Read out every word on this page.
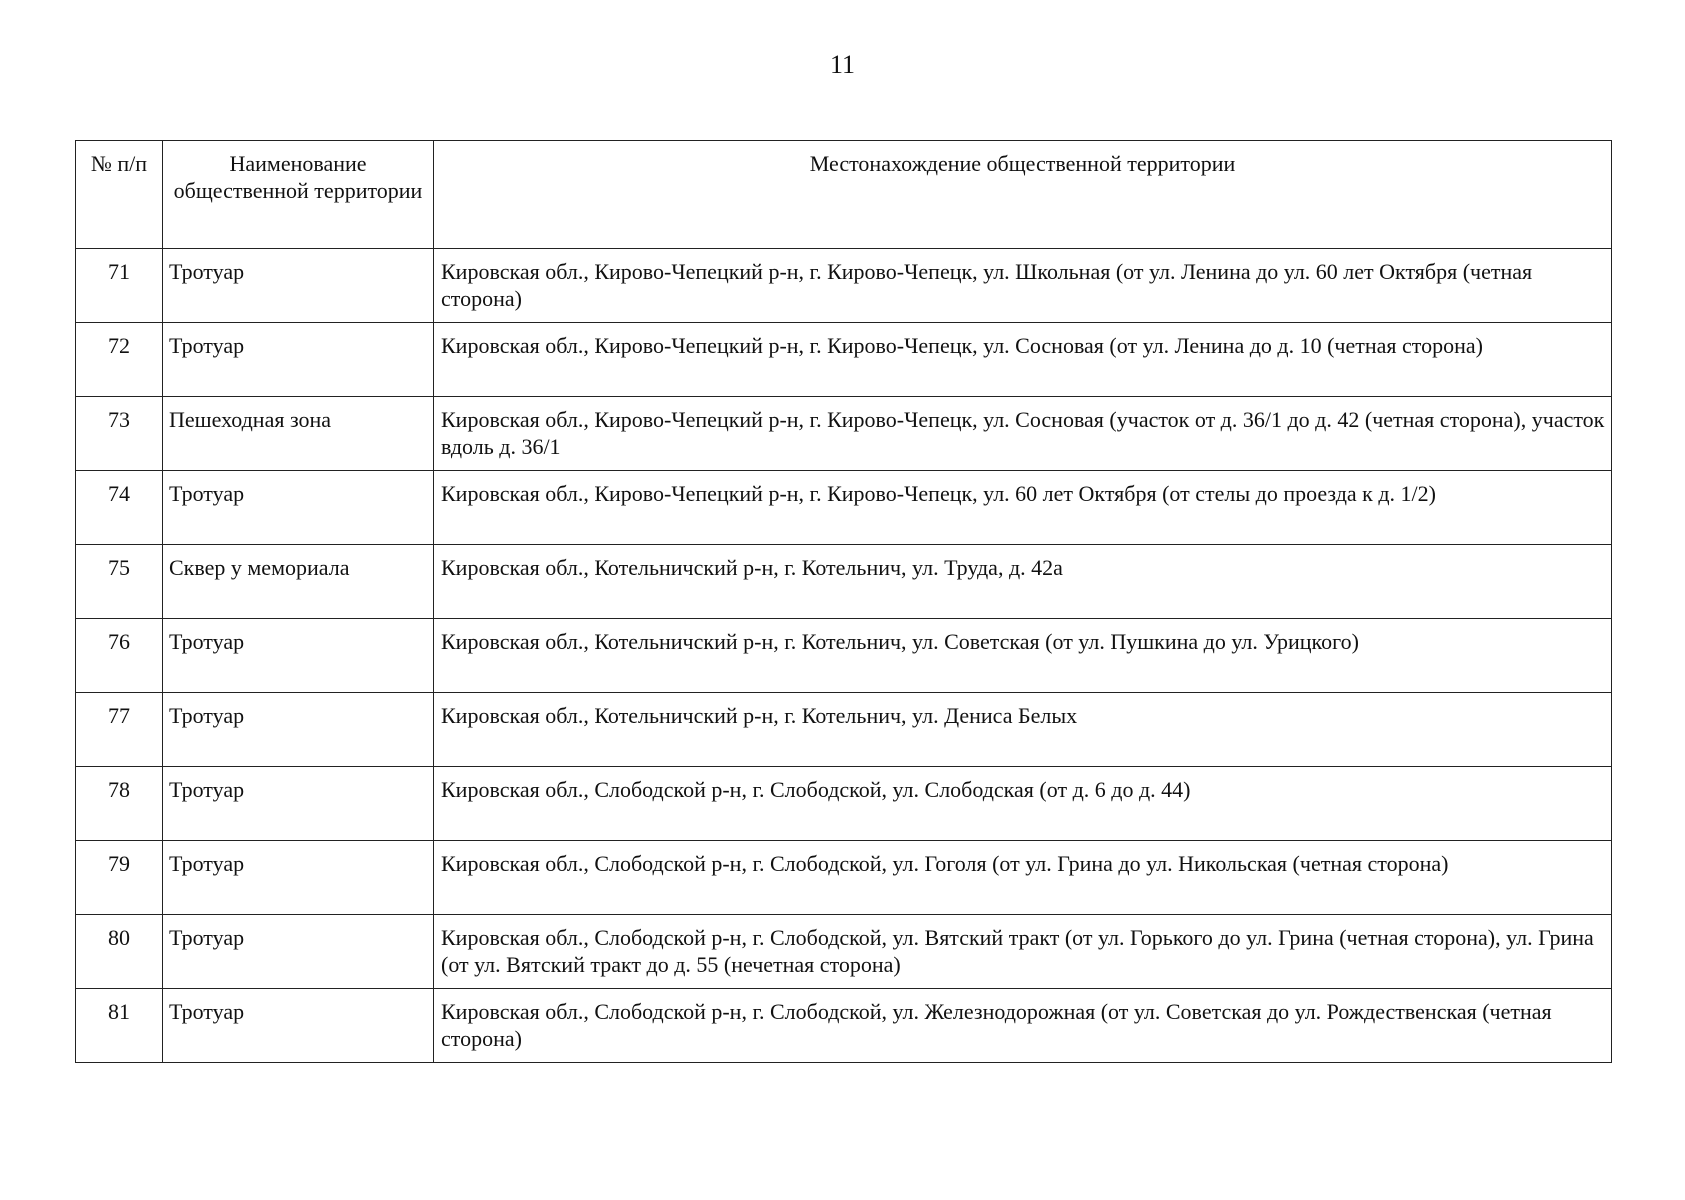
11
№ п/п	Наименование общественной территории	Местонахождение общественной территории
71	Тротуар	Кировская обл., Кирово-Чепецкий р-н, г. Кирово-Чепецк, ул. Школьная (от ул. Ленина до ул. 60 лет Октября (четная сторона)
72	Тротуар	Кировская обл., Кирово-Чепецкий р-н, г. Кирово-Чепецк, ул. Сосновая (от ул. Ленина до д. 10 (четная сторона)
73	Пешеходная зона	Кировская обл., Кирово-Чепецкий р-н, г. Кирово-Чепецк, ул. Сосновая (участок от д. 36/1 до д. 42 (четная сторона), участок вдоль д. 36/1
74	Тротуар	Кировская обл., Кирово-Чепецкий р-н, г. Кирово-Чепецк, ул. 60 лет Октября (от стелы до проезда к д. 1/2)
75	Сквер у мемориала	Кировская обл., Котельничский р-н, г. Котельнич, ул. Труда, д. 42а
76	Тротуар	Кировская обл., Котельничский р-н, г. Котельнич, ул. Советская (от ул. Пушкина до ул. Урицкого)
77	Тротуар	Кировская обл., Котельничский р-н, г. Котельнич, ул. Дениса Белых
78	Тротуар	Кировская обл., Слободской р-н, г. Слободской, ул. Слободская (от д. 6 до д. 44)
79	Тротуар	Кировская обл., Слободской р-н, г. Слободской, ул. Гоголя (от ул. Грина до ул. Никольская (четная сторона)
80	Тротуар	Кировская обл., Слободской р-н, г. Слободской, ул. Вятский тракт (от ул. Горького до ул. Грина (четная сторона), ул. Грина (от ул. Вятский тракт до д. 55 (нечетная сторона)
81	Тротуар	Кировская обл., Слободской р-н, г. Слободской, ул. Железнодорожная (от ул. Советская до ул. Рождественская (четная сторона)
